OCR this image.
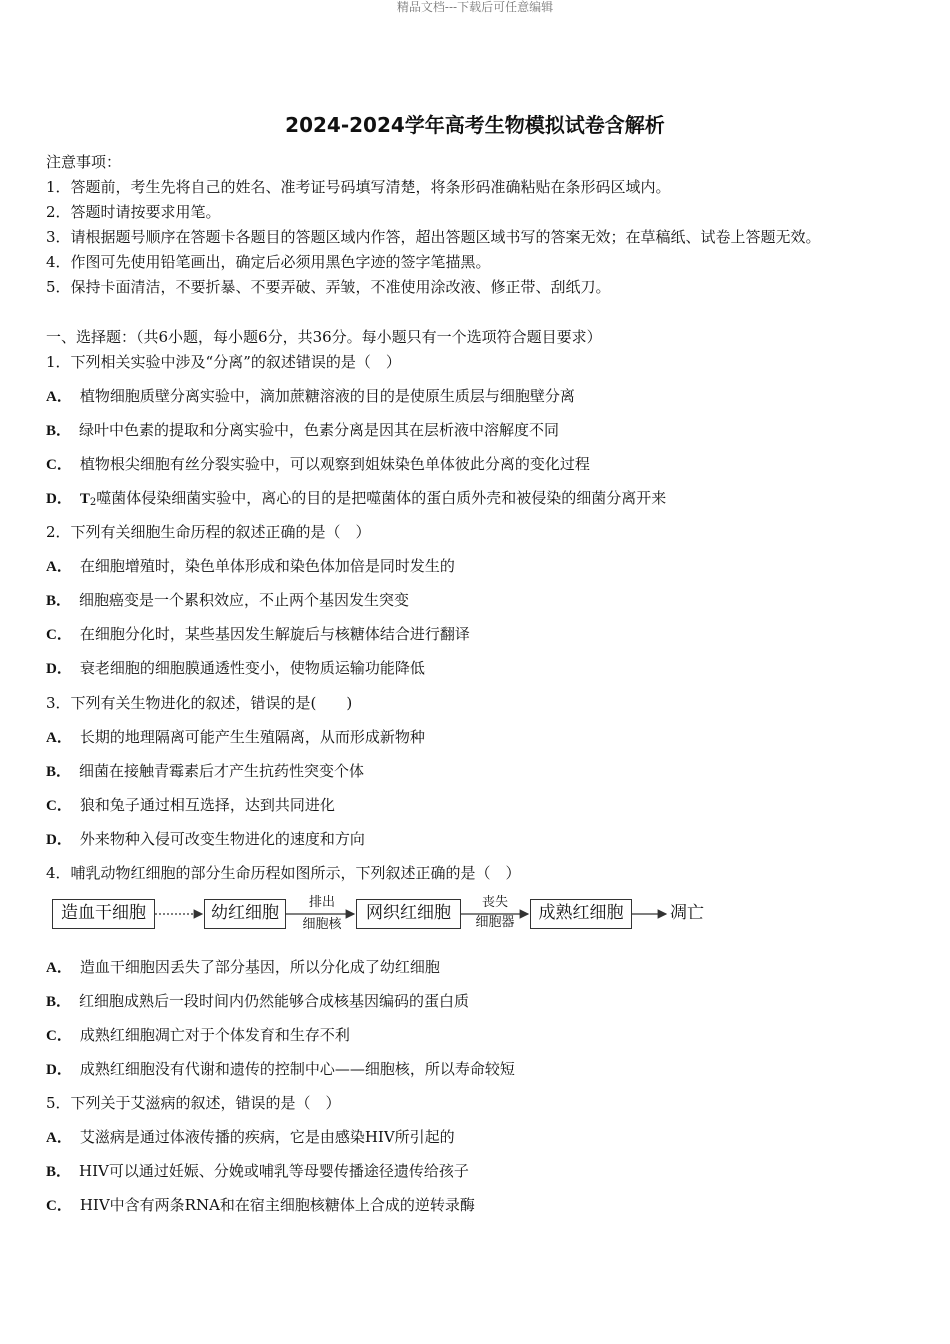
精品文档---下载后可任意编辑
2024-2024学年高考生物模拟试卷含解析
注意事项：
1．答题前，考生先将自己的姓名、准考证号码填写清楚，将条形码准确粘贴在条形码区域内。
2．答题时请按要求用笔。
3．请根据题号顺序在答题卡各题目的答题区域内作答，超出答题区域书写的答案无效；在草稿纸、试卷上答题无效。
4．作图可先使用铅笔画出，确定后必须用黑色字迹的签字笔描黑。
5．保持卡面清洁，不要折暴、不要弄破、弄皱，不准使用涂改液、修正带、刮纸刀。
一、选择题：（共6小题，每小题6分，共36分。每小题只有一个选项符合题目要求）
1．下列相关实验中涉及“分离”的叙述错误的是（　）
A． 植物细胞质壁分离实验中，滴加蔗糖溶液的目的是使原生质层与细胞壁分离
B． 绿叶中色素的提取和分离实验中，色素分离是因其在层析液中溶解度不同
C． 植物根尖细胞有丝分裂实验中，可以观察到姐妹染色单体彼此分离的变化过程
D． $T_2$噬菌体侵染细菌实验中，离心的目的是把噬菌体的蛋白质外壳和被侵染的细菌分离开来
2．下列有关细胞生命历程的叙述正确的是（　）
A． 在细胞增殖时，染色单体形成和染色体加倍是同时发生的
B． 细胞癌变是一个累积效应，不止两个基因发生突变
C． 在细胞分化时，某些基因发生解旋后与核糖体结合进行翻译
D． 衰老细胞的细胞膜通透性变小，使物质运输功能降低
3．下列有关生物进化的叙述，错误的是(　　)
A． 长期的地理隔离可能产生生殖隔离，从而形成新物种
B． 细菌在接触青霉素后才产生抗药性突变个体
C． 狼和兔子通过相互选择，达到共同进化
D． 外来物种入侵可改变生物进化的速度和方向
4．哺乳动物红细胞的部分生命历程如图所示，下列叙述正确的是（　）
造血干细胞	幼红细胞	网织红细胞	成熟红细胞
排出
细胞核
丧失
细胞器	凋亡
A． 造血干细胞因丢失了部分基因，所以分化成了幼红细胞
B． 红细胞成熟后一段时间内仍然能够合成核基因编码的蛋白质
C． 成熟红细胞凋亡对于个体发育和生存不利
D． 成熟红细胞没有代谢和遗传的控制中心——细胞核，所以寿命较短
5．下列关于艾滋病的叙述，错误的是（　）
A． 艾滋病是通过体液传播的疾病，它是由感染HIV所引起的
B． HIV可以通过妊娠、分娩或哺乳等母婴传播途径遗传给孩子
C． HIV中含有两条RNA和在宿主细胞核糖体上合成的逆转录酶
